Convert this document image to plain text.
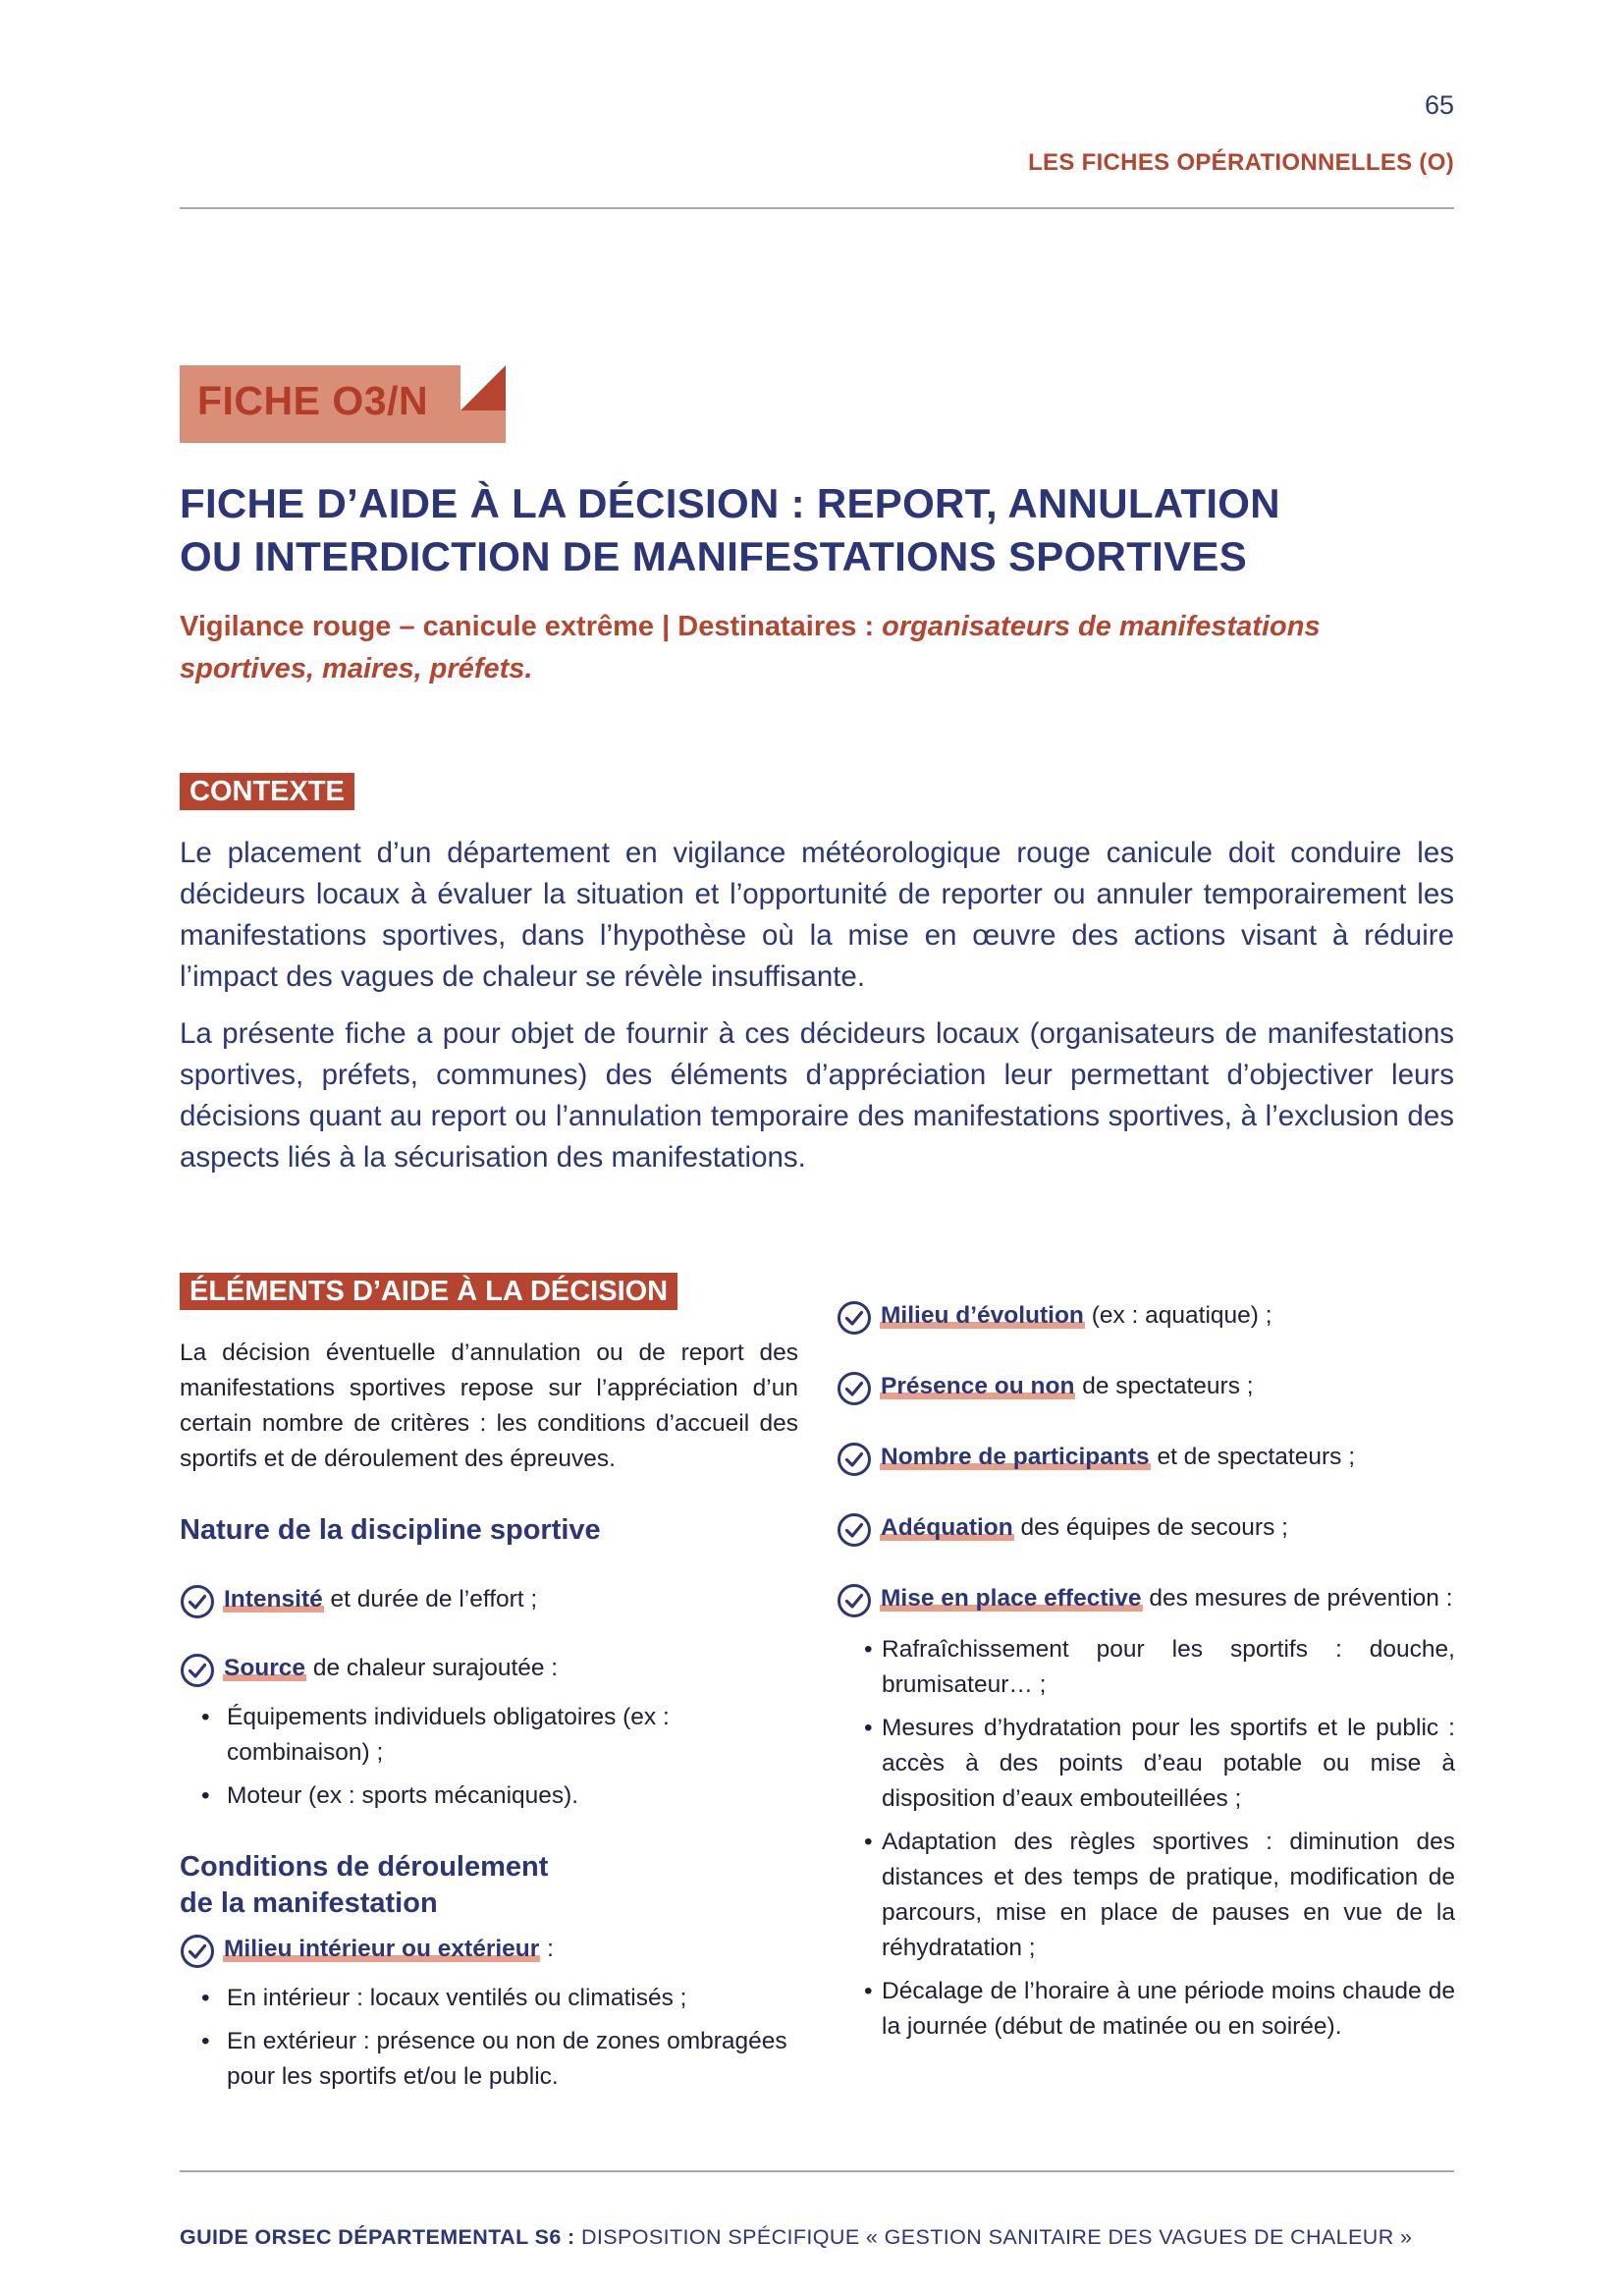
65
LES FICHES OPÉRATIONNELLES (O)
FICHE O3/N
FICHE D’AIDE À LA DÉCISION : REPORT, ANNULATION
OU INTERDICTION DE MANIFESTATIONS SPORTIVES
Vigilance rouge – canicule extrême | Destinataires : organisateurs de manifestations sportives, maires, préfets.
CONTEXTE

Le placement d’un département en vigilance météorologique rouge canicule doit conduire les décideurs locaux à évaluer la situation et l’opportunité de reporter ou annuler temporairement les manifestations sportives, dans l’hypothèse où la mise en œuvre des actions visant à réduire l’impact des vagues de chaleur se révèle insuffisante.

La présente fiche a pour objet de fournir à ces décideurs locaux (organisateurs de manifestations sportives, préfets, communes) des éléments d’appréciation leur permettant d’objectiver leurs décisions quant au report ou l’annulation temporaire des manifestations sportives, à l’exclusion des aspects liés à la sécurisation des manifestations.

ÉLÉMENTS D’AIDE À LA DÉCISION

La décision éventuelle d’annulation ou de report des manifestations sportives repose sur l’appréciation d’un certain nombre de critères : les conditions d’accueil des sportifs et de déroulement des épreuves.

Nature de la discipline sportive
Intensité et durée de l’effort ;
Source de chaleur surajoutée :
• Équipements individuels obligatoires (ex : combinaison) ;
• Moteur (ex : sports mécaniques).
Conditions de déroulement
de la manifestation
Milieu intérieur ou extérieur :
• En intérieur : locaux ventilés ou climatisés ;
• En extérieur : présence ou non de zones ombragées pour les sportifs et/ou le public.
Milieu d’évolution (ex : aquatique) ;
Présence ou non de spectateurs ;
Nombre de participants et de spectateurs ;
Adéquation des équipes de secours ;
Mise en place effective des mesures de prévention :
• Rafraîchissement pour les sportifs : douche, brumisateur… ;
• Mesures d’hydratation pour les sportifs et le public : accès à des points d’eau potable ou mise à disposition d’eaux embouteillées ;
• Adaptation des règles sportives : diminution des distances et des temps de pratique, modification de parcours, mise en place de pauses en vue de la réhydratation ;
• Décalage de l’horaire à une période moins chaude de la journée (début de matinée ou en soirée).
GUIDE ORSEC DÉPARTEMENTAL S6 : DISPOSITION SPÉCIFIQUE « GESTION SANITAIRE DES VAGUES DE CHALEUR »
